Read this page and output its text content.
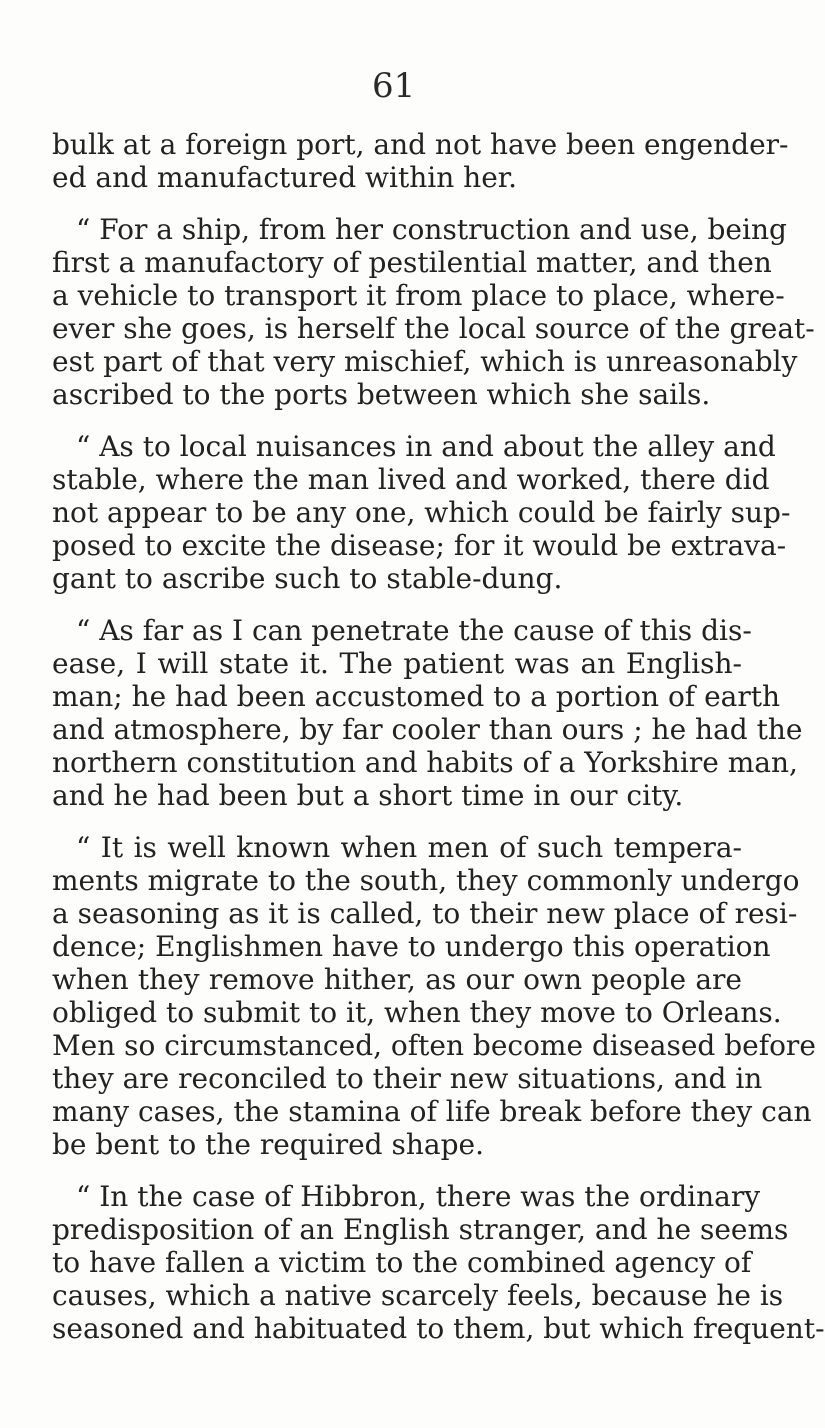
61
bulk at a foreign port, and not have been engender-
ed and manufactured within her.
“ For a ship, from her construction and use, being
first a manufactory of pestilential matter, and then
a vehicle to transport it from place to place, where-
ever she goes, is herself the local source of the great-
est part of that very mischief, which is unreasonably
ascribed to the ports between which she sails.
“ As to local nuisances in and about the alley and
stable, where the man lived and worked, there did
not appear to be any one, which could be fairly sup-
posed to excite the disease; for it would be extrava-
gant to ascribe such to stable-dung.
“ As far as I can penetrate the cause of this dis-
ease, I will state it. The patient was an English-
man; he had been accustomed to a portion of earth
and atmosphere, by far cooler than ours ; he had the
northern constitution and habits of a Yorkshire man,
and he had been but a short time in our city.
“ It is well known when men of such tempera-
ments migrate to the south, they commonly undergo
a seasoning as it is called, to their new place of resi-
dence; Englishmen have to undergo this operation
when they remove hither, as our own people are
obliged to submit to it, when they move to Orleans.
Men so circumstanced, often become diseased before
they are reconciled to their new situations, and in
many cases, the stamina of life break before they can
be bent to the required shape.
“ In the case of Hibbron, there was the ordinary
predisposition of an English stranger, and he seems
to have fallen a victim to the combined agency of
causes, which a native scarcely feels, because he is
seasoned and habituated to them, but which frequent-
